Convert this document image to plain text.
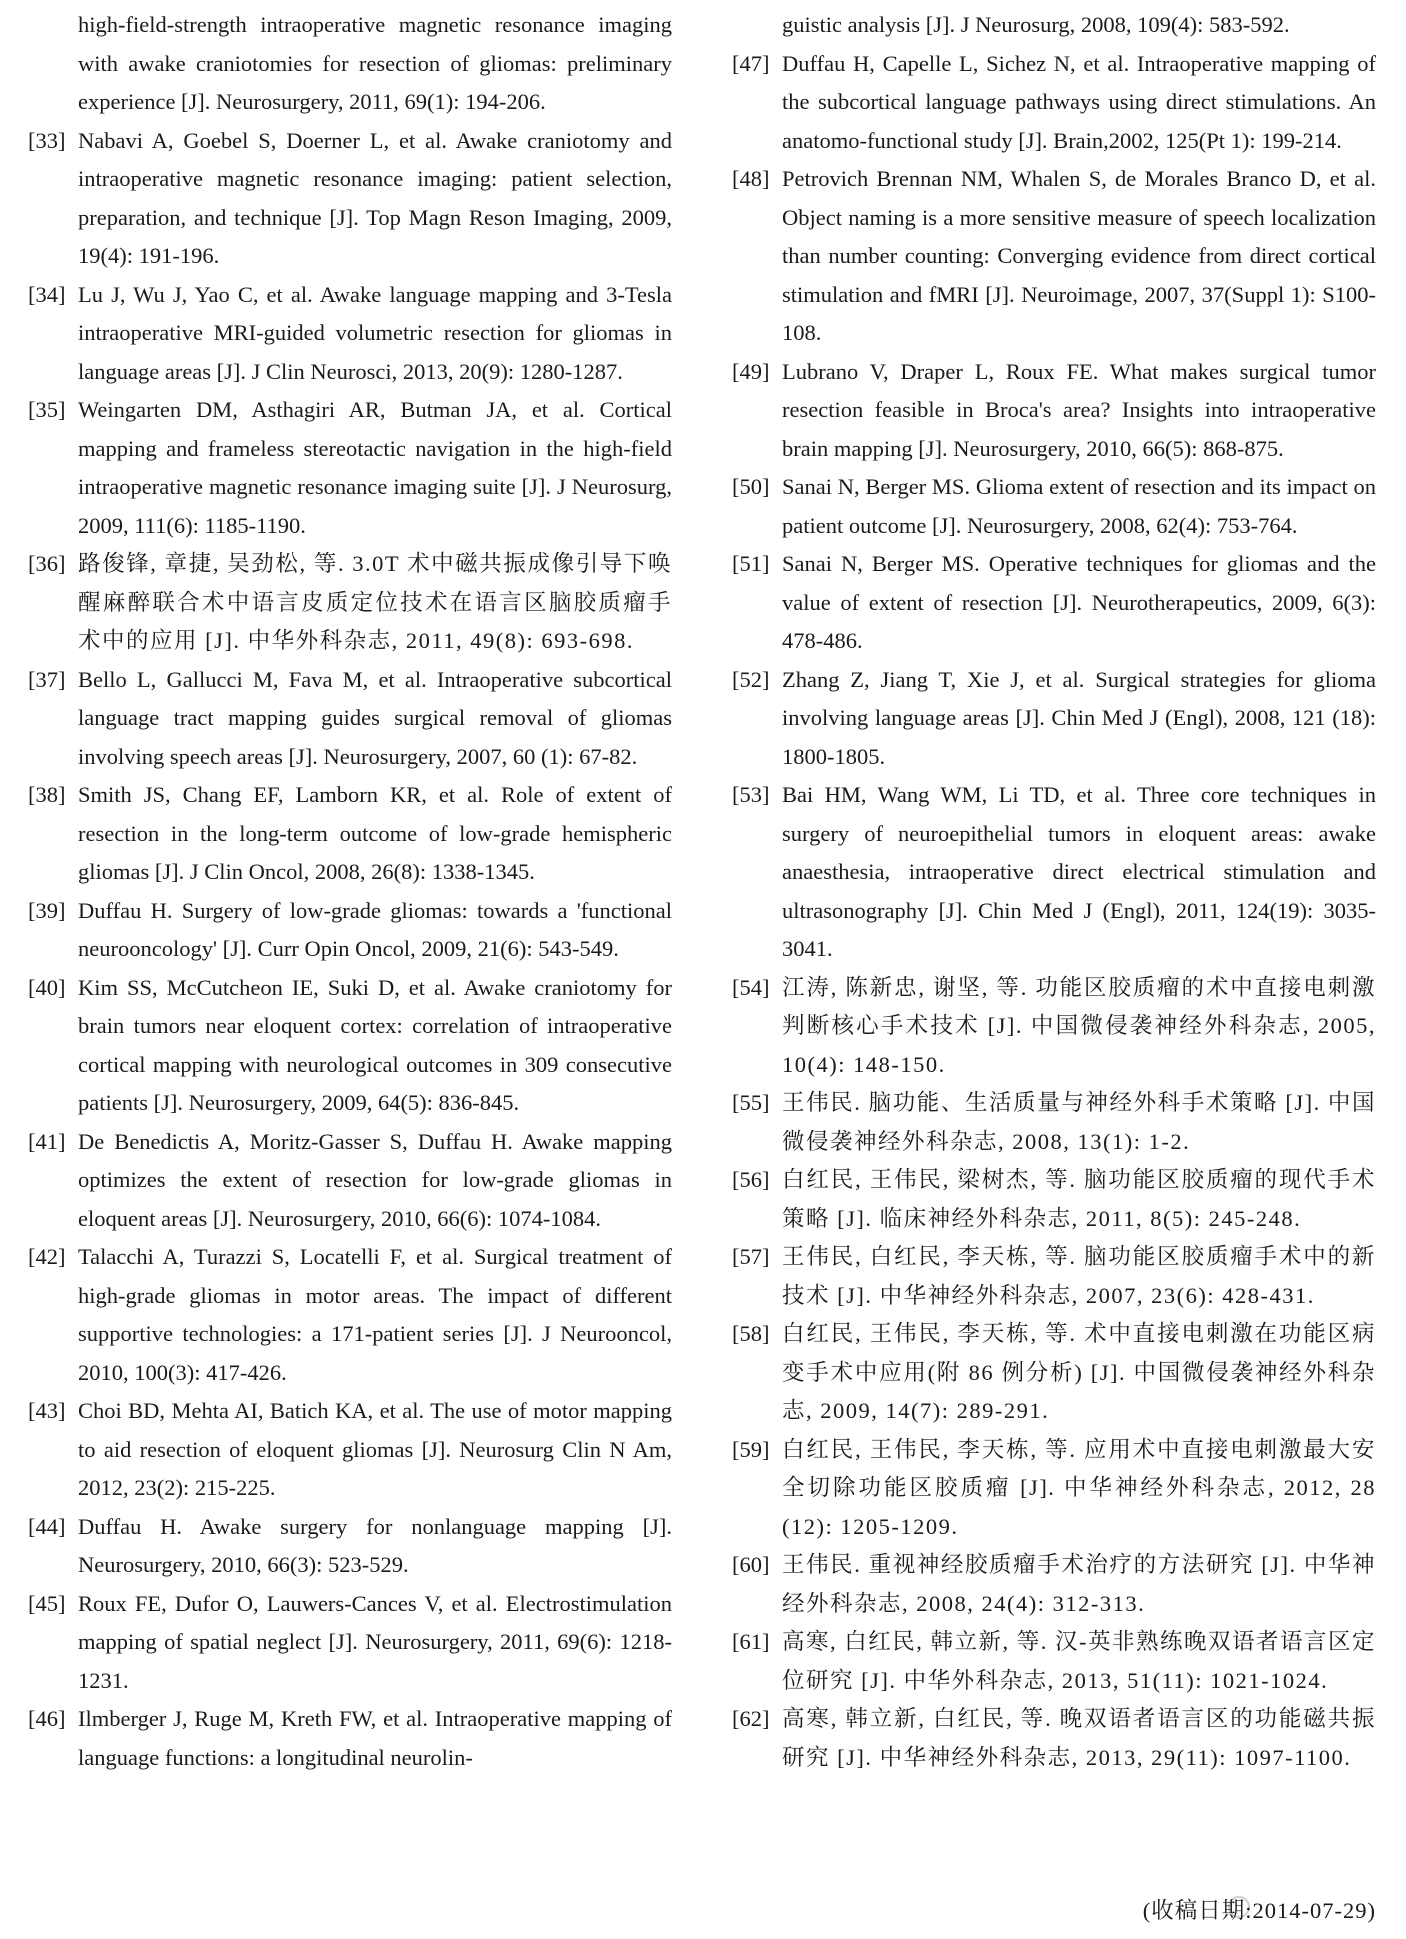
high-field-strength intraoperative magnetic resonance imaging with awake craniotomies for resection of gliomas: preliminary experience [J]. Neurosurgery, 2011, 69(1): 194-206.
[33] Nabavi A, Goebel S, Doerner L, et al. Awake craniotomy and intraoperative magnetic resonance imaging: patient selection, preparation, and technique [J]. Top Magn Reson Imaging, 2009, 19(4): 191-196.
[34] Lu J, Wu J, Yao C, et al. Awake language mapping and 3-Tesla intraoperative MRI-guided volumetric resection for gliomas in language areas [J]. J Clin Neurosci, 2013, 20(9): 1280-1287.
[35] Weingarten DM, Asthagiri AR, Butman JA, et al. Cortical mapping and frameless stereotactic navigation in the high-field intraoperative magnetic resonance imaging suite [J]. J Neurosurg, 2009, 111(6): 1185-1190.
[36] 路俊锋, 章捷, 吴劲松, 等. 3.0T 术中磁共振成像引导下唤醒麻醉联合术中语言皮质定位技术在语言区脑胶质瘤手术中的应用 [J]. 中华外科杂志, 2011, 49(8): 693-698.
[37] Bello L, Gallucci M, Fava M, et al. Intraoperative subcortical language tract mapping guides surgical removal of gliomas involving speech areas [J]. Neurosurgery, 2007, 60 (1): 67-82.
[38] Smith JS, Chang EF, Lamborn KR, et al. Role of extent of resection in the long-term outcome of low-grade hemispheric gliomas [J]. J Clin Oncol, 2008, 26(8): 1338-1345.
[39] Duffau H. Surgery of low-grade gliomas: towards a 'functional neurooncology' [J]. Curr Opin Oncol, 2009, 21(6): 543-549.
[40] Kim SS, McCutcheon IE, Suki D, et al. Awake craniotomy for brain tumors near eloquent cortex: correlation of intraoperative cortical mapping with neurological outcomes in 309 consecutive patients [J]. Neurosurgery, 2009, 64(5): 836-845.
[41] De Benedictis A, Moritz-Gasser S, Duffau H. Awake mapping optimizes the extent of resection for low-grade gliomas in eloquent areas [J]. Neurosurgery, 2010, 66(6): 1074-1084.
[42] Talacchi A, Turazzi S, Locatelli F, et al. Surgical treatment of high-grade gliomas in motor areas. The impact of different supportive technologies: a 171-patient series [J]. J Neurooncol, 2010, 100(3): 417-426.
[43] Choi BD, Mehta AI, Batich KA, et al. The use of motor mapping to aid resection of eloquent gliomas [J]. Neurosurg Clin N Am, 2012, 23(2): 215-225.
[44] Duffau H. Awake surgery for nonlanguage mapping [J]. Neurosurgery, 2010, 66(3): 523-529.
[45] Roux FE, Dufor O, Lauwers-Cances V, et al. Electrostimulation mapping of spatial neglect [J]. Neurosurgery, 2011, 69(6): 1218-1231.
[46] Ilmberger J, Ruge M, Kreth FW, et al. Intraoperative mapping of language functions: a longitudinal neurolin-
guistic analysis [J]. J Neurosurg, 2008, 109(4): 583-592.
[47] Duffau H, Capelle L, Sichez N, et al. Intraoperative mapping of the subcortical language pathways using direct stimulations. An anatomo-functional study [J]. Brain,2002, 125(Pt 1): 199-214.
[48] Petrovich Brennan NM, Whalen S, de Morales Branco D, et al. Object naming is a more sensitive measure of speech localization than number counting: Converging evidence from direct cortical stimulation and fMRI [J]. Neuroimage, 2007, 37(Suppl 1): S100-108.
[49] Lubrano V, Draper L, Roux FE. What makes surgical tumor resection feasible in Broca's area? Insights into intraoperative brain mapping [J]. Neurosurgery, 2010, 66(5): 868-875.
[50] Sanai N, Berger MS. Glioma extent of resection and its impact on patient outcome [J]. Neurosurgery, 2008, 62(4): 753-764.
[51] Sanai N, Berger MS. Operative techniques for gliomas and the value of extent of resection [J]. Neurotherapeutics, 2009, 6(3): 478-486.
[52] Zhang Z, Jiang T, Xie J, et al. Surgical strategies for glioma involving language areas [J]. Chin Med J (Engl), 2008, 121 (18): 1800-1805.
[53] Bai HM, Wang WM, Li TD, et al. Three core techniques in surgery of neuroepithelial tumors in eloquent areas: awake anaesthesia, intraoperative direct electrical stimulation and ultrasonography [J]. Chin Med J (Engl), 2011, 124(19): 3035-3041.
[54] 江涛, 陈新忠, 谢坚, 等. 功能区胶质瘤的术中直接电刺激判断核心手术技术 [J]. 中国微侵袭神经外科杂志, 2005, 10(4): 148-150.
[55] 王伟民. 脑功能、生活质量与神经外科手术策略 [J]. 中国微侵袭神经外科杂志, 2008, 13(1): 1-2.
[56] 白红民, 王伟民, 梁树杰, 等. 脑功能区胶质瘤的现代手术策略 [J]. 临床神经外科杂志, 2011, 8(5): 245-248.
[57] 王伟民, 白红民, 李天栋, 等. 脑功能区胶质瘤手术中的新技术 [J]. 中华神经外科杂志, 2007, 23(6): 428-431.
[58] 白红民, 王伟民, 李天栋, 等. 术中直接电刺激在功能区病变手术中应用(附 86 例分析) [J]. 中国微侵袭神经外科杂志, 2009, 14(7): 289-291.
[59] 白红民, 王伟民, 李天栋, 等. 应用术中直接电刺激最大安全切除功能区胶质瘤 [J]. 中华神经外科杂志, 2012, 28 (12): 1205-1209.
[60] 王伟民. 重视神经胶质瘤手术治疗的方法研究 [J]. 中华神经外科杂志, 2008, 24(4): 312-313.
[61] 高寒, 白红民, 韩立新, 等. 汉-英非熟练晚双语者语言区定位研究 [J]. 中华外科杂志, 2013, 51(11): 1021-1024.
[62] 高寒, 韩立新, 白红民, 等. 晚双语者语言区的功能磁共振研究 [J]. 中华神经外科杂志, 2013, 29(11): 1097-1100.
(收稿日期:2014-07-29)
